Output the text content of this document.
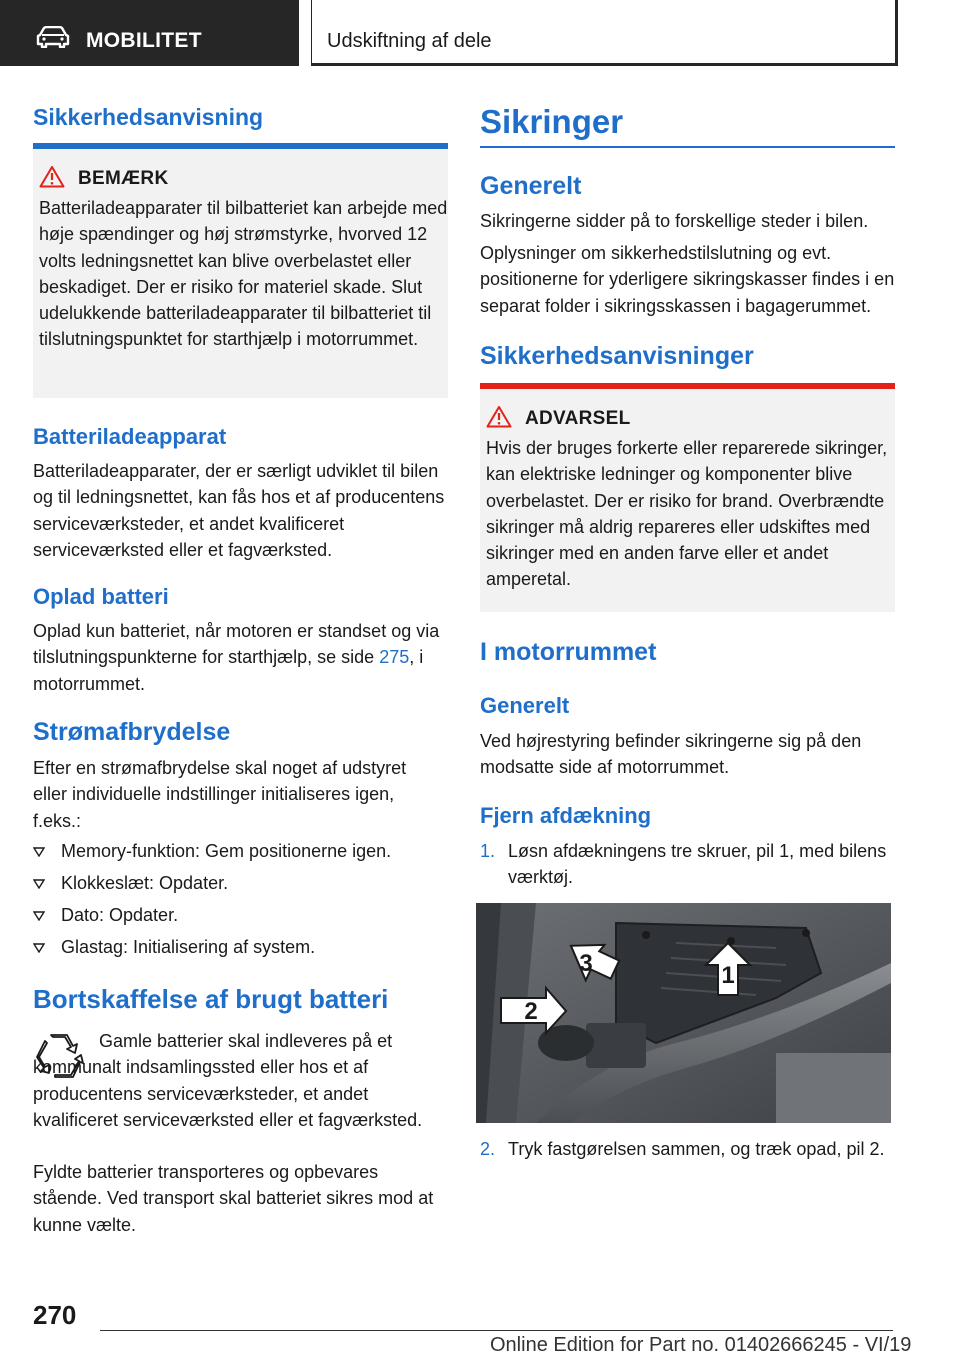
MOBILITET	Udskiftning af dele
Sikkerhedsanvisning
BEMÆRK
Batteriladeapparater til bilbatteriet kan arbejde med høje spændinger og høj strømstyrke, hvorved 12 volts ledningsnettet kan blive overbelastet eller beskadiget. Der er risiko for materiel skade. Slut udelukkende batteriladeapparater til bilbatteriet til tilslutningspunktet for starthjælp i motorrummet.
Batteriladeapparat
Batteriladeapparater, der er særligt udviklet til bilen og til ledningsnettet, kan fås hos et af producentens serviceværksteder, et andet kvalificeret serviceværksted eller et fagværksted.
Oplad batteri
Oplad kun batteriet, når motoren er standset og via tilslutningspunkterne for starthjælp, se side 275, i motorrummet.
Strømafbrydelse
Efter en strømafbrydelse skal noget af udstyret eller individuelle indstillinger initialiseres igen, f.eks.:
Memory-funktion: Gem positionerne igen.
Klokkeslæt: Opdater.
Dato: Opdater.
Glastag: Initialisering af system.
Bortskaffelse af brugt batteri
Gamle batterier skal indleveres på et kommunalt indsamlingssted eller hos et af producentens serviceværksteder, et andet kvalificeret serviceværksted eller et fagværksted.
Fyldte batterier transporteres og opbevares stående. Ved transport skal batteriet sikres mod at kunne vælte.
Sikringer
Generelt
Sikringerne sidder på to forskellige steder i bilen.
Oplysninger om sikkerhedstilslutning og evt. positionerne for yderligere sikringskasser findes i en separat folder i sikringsskassen i bagagerummet.
Sikkerhedsanvisninger
ADVARSEL
Hvis der bruges forkerte eller reparerede sikringer, kan elektriske ledninger og komponenter blive overbelastet. Der er risiko for brand. Overbrændte sikringer må aldrig repareres eller udskiftes med sikringer med en anden farve eller et andet amperetal.
I motorrummet
Generelt
Ved højrestyring befinder sikringerne sig på den modsatte side af motorrummet.
Fjern afdækning
1. Løsn afdækningens tre skruer, pil 1, med bilens værktøj.
1
3
2
2. Tryk fastgørelsen sammen, og træk opad, pil 2.
270
Online Edition for Part no. 01402666245 - VI/19
